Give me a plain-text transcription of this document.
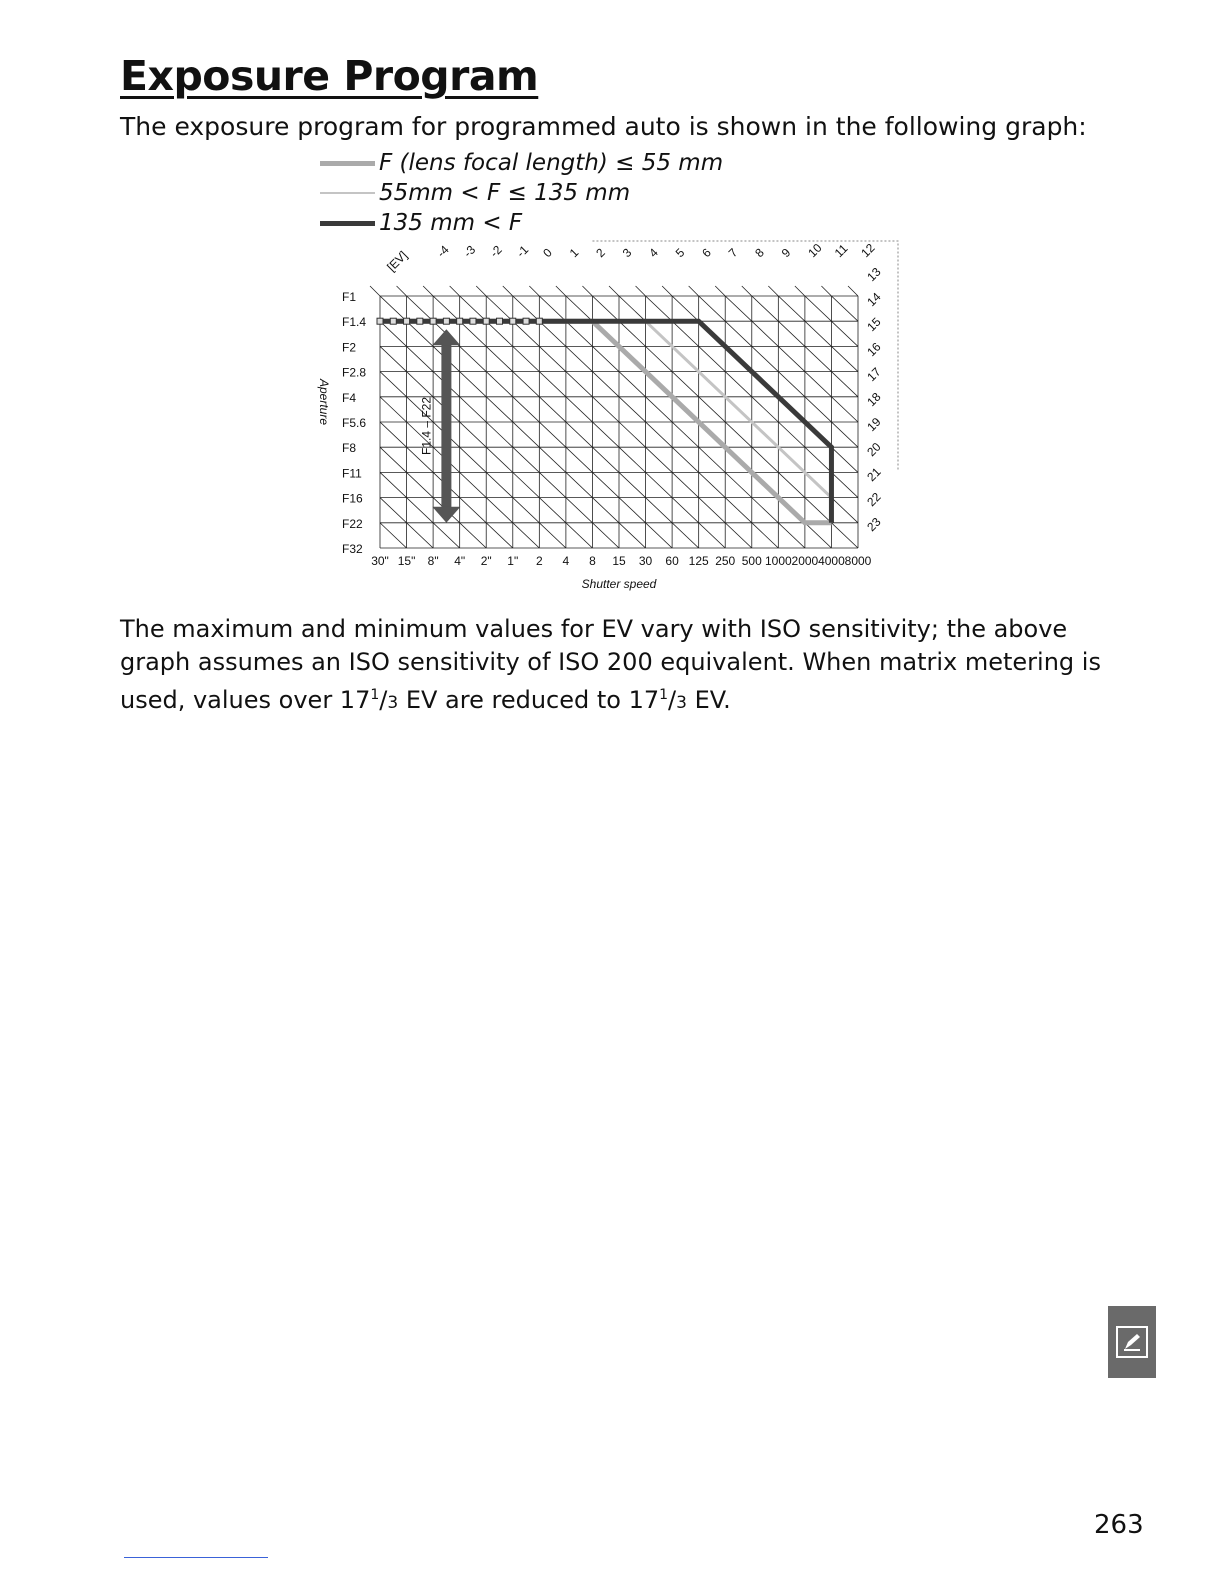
Exposure Program

The exposure program for programmed auto is shown in the following graph:

F (lens focal length) ≤ 55 mm
55mm < F ≤ 135 mm
135 mm < F
-4 -3 -2 -1 0 1 2 3 4 5 6 7 8 9 10 11 12
[EV]
13
14
15
16
17
18
19
20
21
22
23
F1
F1.4
F2
F2.8
F4
F5.6
F8
F11
F16
F22
F32
30" 15" 8" 4" 2" 1" 2 4 8 15 30 60 125 250 500 1000 2000 4000 8000
Shutter speed
Aperture	F1.4 – F22

The maximum and minimum values for EV vary with ISO sensitivity; the above graph assumes an ISO sensitivity of ISO 200 equivalent. When matrix metering is used, values over $17^1/3$ EV are reduced to $17^1/3$ EV.

263
